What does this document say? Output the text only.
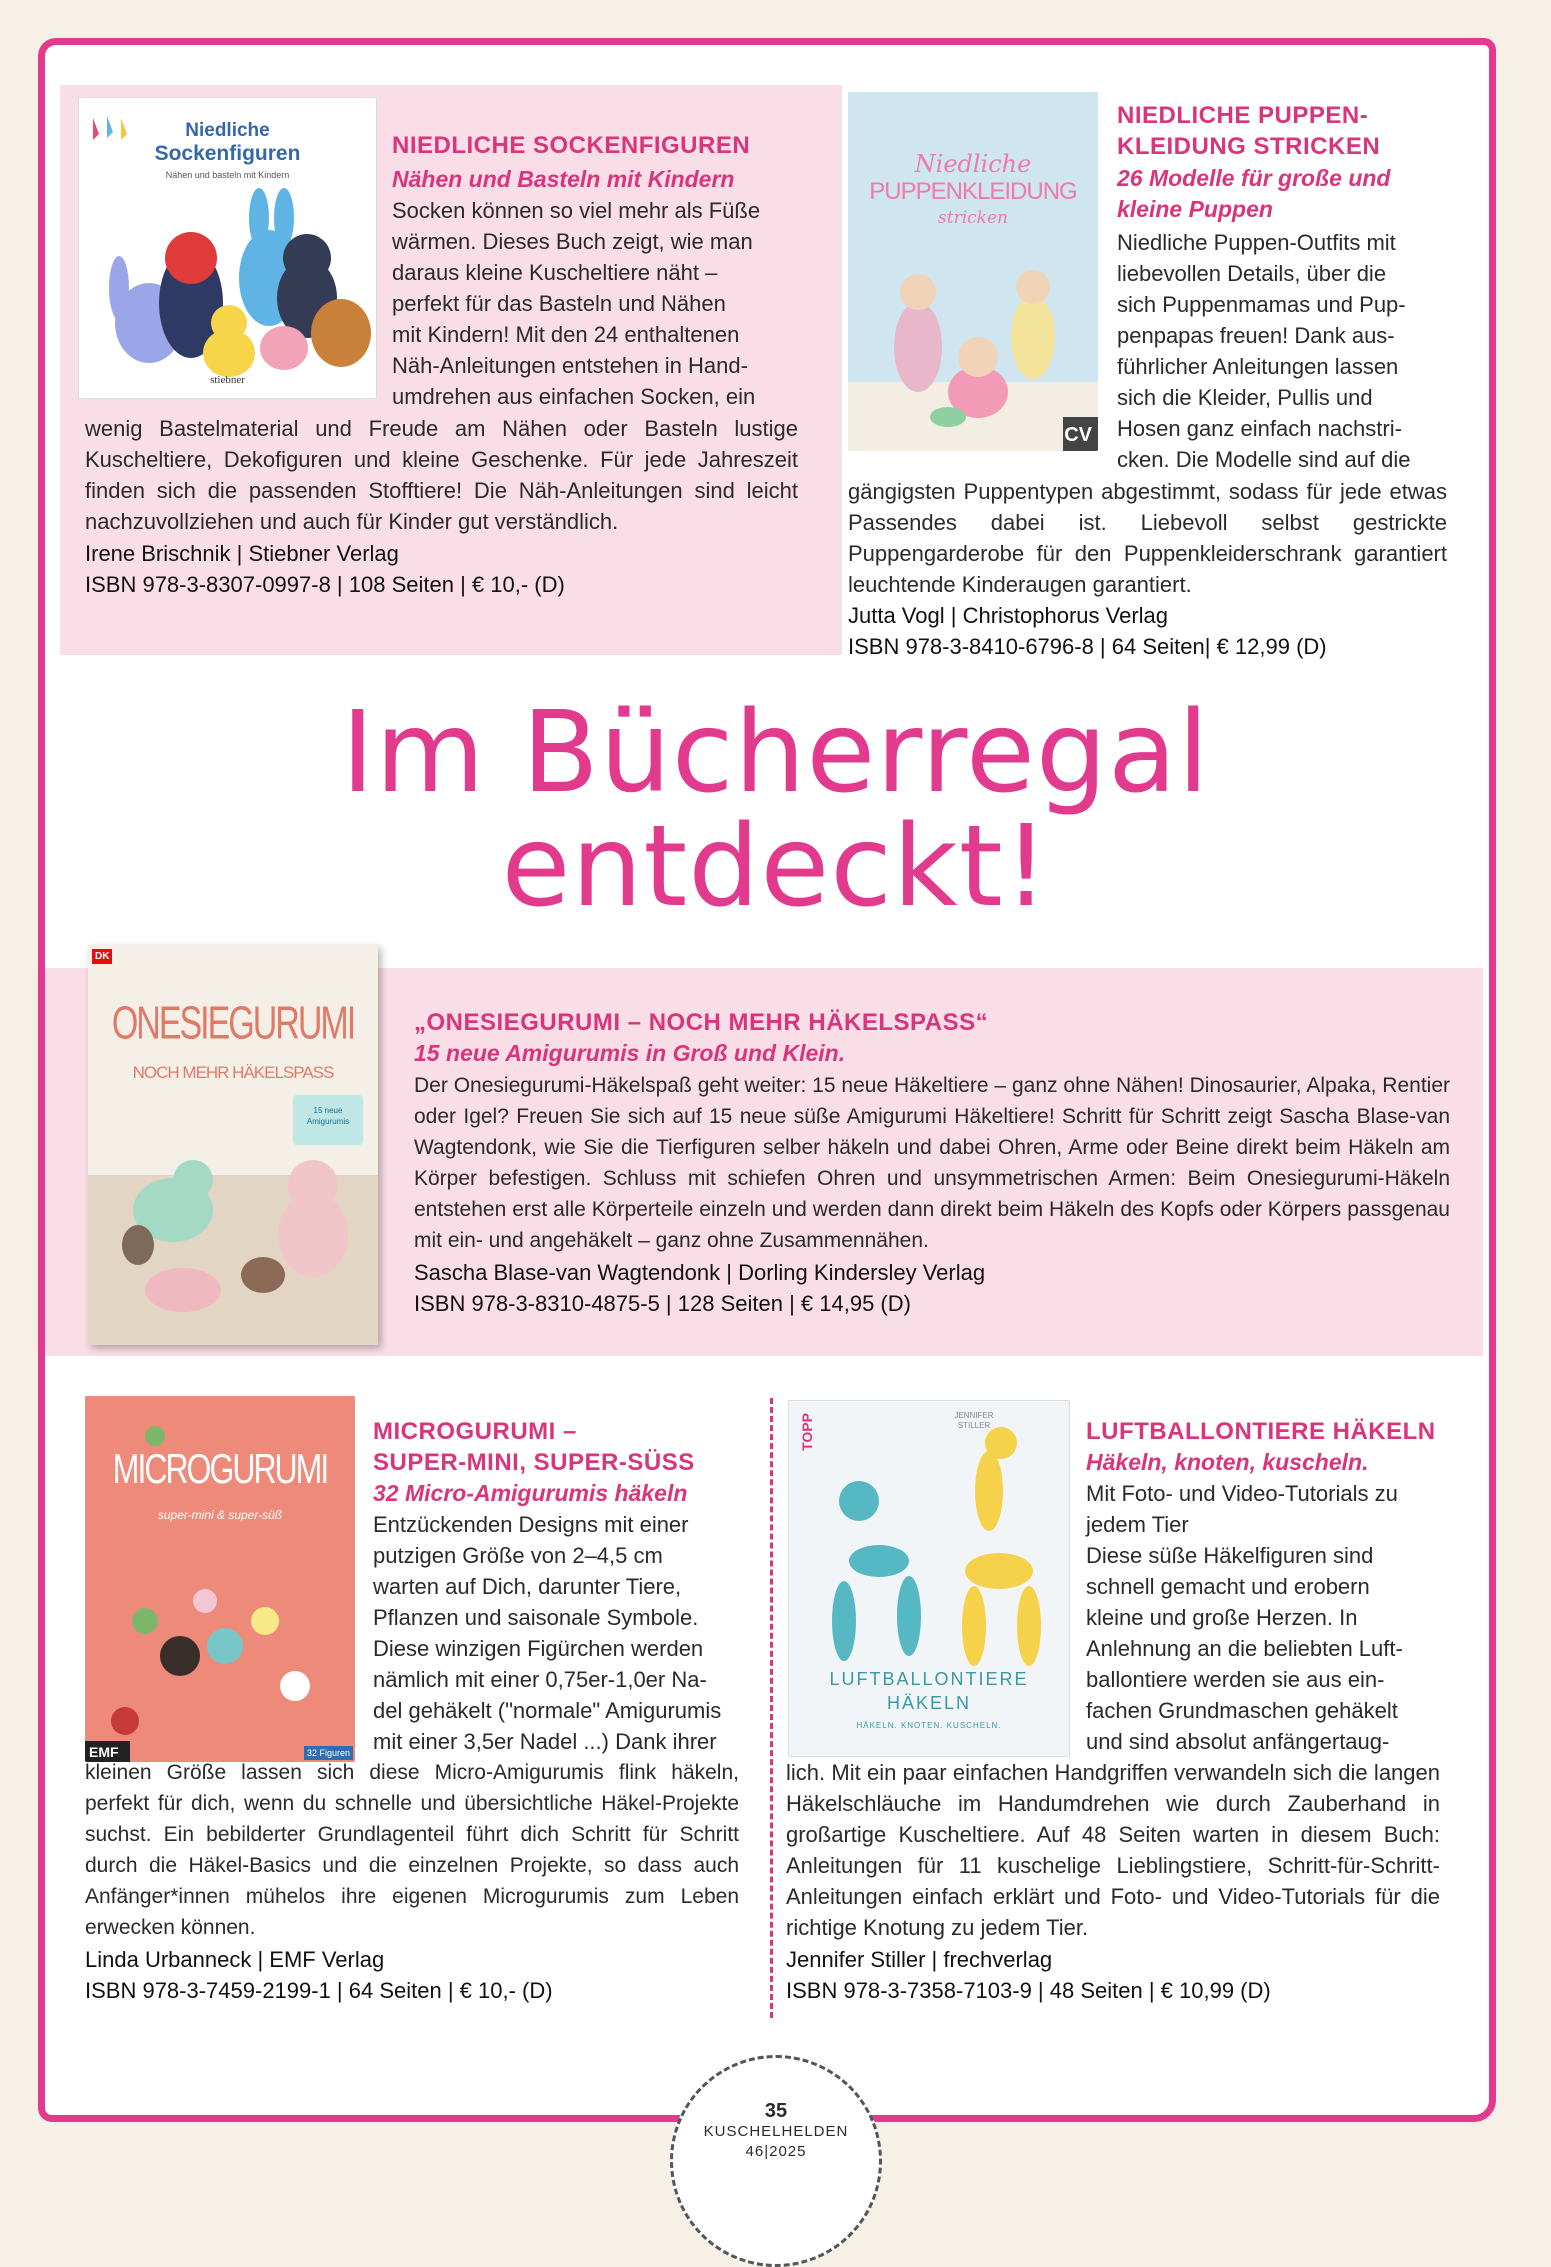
Niedliche
Sockenfiguren
Nähen und basteln mit Kindern
stiebner
NIEDLICHE SOCKENFIGUREN
Nähen und Basteln mit Kindern
Socken können so viel mehr als Füße
wärmen. Dieses Buch zeigt, wie man
daraus kleine Kuscheltiere näht –
perfekt für das Basteln und Nähen
mit Kindern! Mit den 24 enthaltenen
Näh-Anleitungen entstehen in Hand-
umdrehen aus einfachen Socken, ein
wenig Bastelmaterial und Freude am Nähen oder Basteln lustige Kuscheltiere, Dekofiguren und kleine Geschenke. Für jede Jahreszeit finden sich die passenden Stofftiere! Die Näh-Anleitungen sind leicht nachzuvollziehen und auch für Kinder gut verständlich.
Irene Brischnik | Stiebner Verlag
ISBN 978-3-8307-0997-8 | 108 Seiten | € 10,- (D)
Niedliche
PUPPENKLEIDUNG
stricken
CV
NIEDLICHE PUPPEN-
KLEIDUNG STRICKEN
26 Modelle für große und
kleine Puppen
Niedliche Puppen-Outfits mit
liebevollen Details, über die
sich Puppenmamas und Pup-
penpapas freuen! Dank aus-
führlicher Anleitungen lassen
sich die Kleider, Pullis und
Hosen ganz einfach nachstri-
cken. Die Modelle sind auf die
gängigsten Puppentypen abgestimmt, sodass für jede etwas Passendes dabei ist. Liebevoll selbst gestrickte Puppengarderobe für den Puppenkleiderschrank garantiert leuchtende Kinderaugen garantiert.
Jutta Vogl | Christophorus Verlag
ISBN 978-3-8410-6796-8 | 64 Seiten| € 12,99 (D)
Im Bücherregal
entdeckt!
DK
ONESIEGURUMI
NOCH MEHR HÄKELSPASS
15 neue Amigurumis
„ONESIEGURUMI – NOCH MEHR HÄKELSPASS“
15 neue Amigurumis in Groß und Klein.
Der Onesiegurumi-Häkelspaß geht weiter: 15 neue Häkeltiere – ganz ohne Nähen! Dinosaurier, Alpaka, Rentier oder Igel? Freuen Sie sich auf 15 neue süße Amigurumi Häkeltiere! Schritt für Schritt zeigt Sascha Blase-van Wagtendonk, wie Sie die Tierfiguren selber häkeln und dabei Ohren, Arme oder Beine direkt beim Häkeln am Körper befestigen. Schluss mit schiefen Ohren und unsymmetrischen Armen: Beim Onesiegurumi-Häkeln entstehen erst alle Körperteile einzeln und werden dann direkt beim Häkeln des Kopfs oder Körpers passgenau mit ein- und angehäkelt – ganz ohne Zusammennähen.
Sascha Blase-van Wagtendonk | Dorling Kindersley Verlag
ISBN 978-3-8310-4875-5 | 128 Seiten | € 14,95 (D)
MICROGURUMI
super-mini & super-süß
EMF	32 Figuren
MICROGURUMI –
SUPER-MINI, SUPER-SÜSS
32 Micro-Amigurumis häkeln
Entzückenden Designs mit einer
putzigen Größe von 2–4,5 cm
warten auf Dich, darunter Tiere,
Pflanzen und saisonale Symbole.
Diese winzigen Figürchen werden
nämlich mit einer 0,75er-1,0er Na-
del gehäkelt ("normale" Amigurumis
mit einer 3,5er Nadel ...) Dank ihrer
kleinen Größe lassen sich diese Micro-Amigurumis flink häkeln, perfekt für dich, wenn du schnelle und übersichtliche Häkel-Projekte suchst. Ein bebilderter Grundlagenteil führt dich Schritt für Schritt durch die Häkel-Basics und die einzelnen Projekte, so dass auch Anfänger*innen mühelos ihre eigenen Microgurumis zum Leben erwecken können.
Linda Urbanneck | EMF Verlag
ISBN 978-3-7459-2199-1 | 64 Seiten | € 10,- (D)
TOPP	JENNIFER STILLER
LUFTBALLONTIERE
HÄKELN
HÄKELN. KNOTEN. KUSCHELN.
LUFTBALLONTIERE HÄKELN
Häkeln, knoten, kuscheln.
Mit Foto- und Video-Tutorials zu
jedem Tier
Diese süße Häkelfiguren sind
schnell gemacht und erobern
kleine und große Herzen. In
Anlehnung an die beliebten Luft-
ballontiere werden sie aus ein-
fachen Grundmaschen gehäkelt
und sind absolut anfängertaug-
lich. Mit ein paar einfachen Handgriffen verwandeln sich die langen Häkelschläuche im Handumdrehen wie durch Zauberhand in großartige Kuscheltiere. Auf 48 Seiten warten in diesem Buch: Anleitungen für 11 kuschelige Lieblingstiere, Schritt-für-Schritt-Anleitungen einfach erklärt und Foto- und Video-Tutorials für die richtige Knotung zu jedem Tier.
Jennifer Stiller | frechverlag
ISBN 978-3-7358-7103-9 | 48 Seiten | € 10,99 (D)
35
KUSCHELHELDEN
46|2025
